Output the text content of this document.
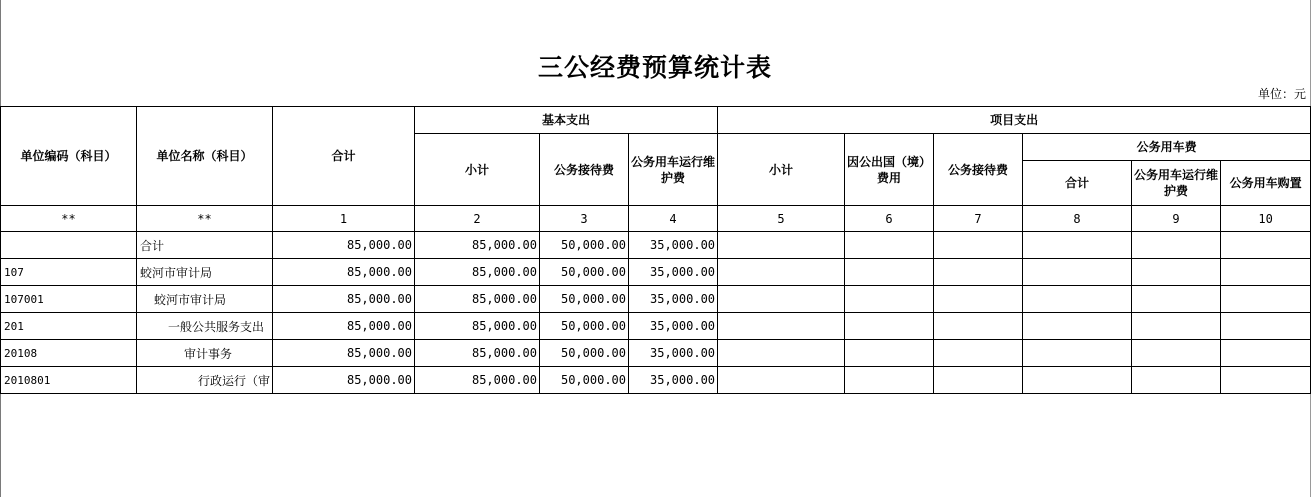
三公经费预算统计表
单位：元
单位编码（科目）	单位名称（科目）	合计	基本支出			项目支出					
			小计	公务接待费	公务用车运行维护费	小计	因公出国（境）费用	公务接待费	公务用车费		
									合计	公务用车运行维护费	公务用车购置
**	**	1	2	3	4	5	6	7	8	9	10
	合计	85,000.00	85,000.00	50,000.00	35,000.00						
107	蛟河市审计局	85,000.00	85,000.00	50,000.00	35,000.00						
107001	蛟河市审计局	85,000.00	85,000.00	50,000.00	35,000.00						
201	一般公共服务支出	85,000.00	85,000.00	50,000.00	35,000.00						
20108	审计事务	85,000.00	85,000.00	50,000.00	35,000.00						
2010801	行政运行（审	85,000.00	85,000.00	50,000.00	35,000.00						
